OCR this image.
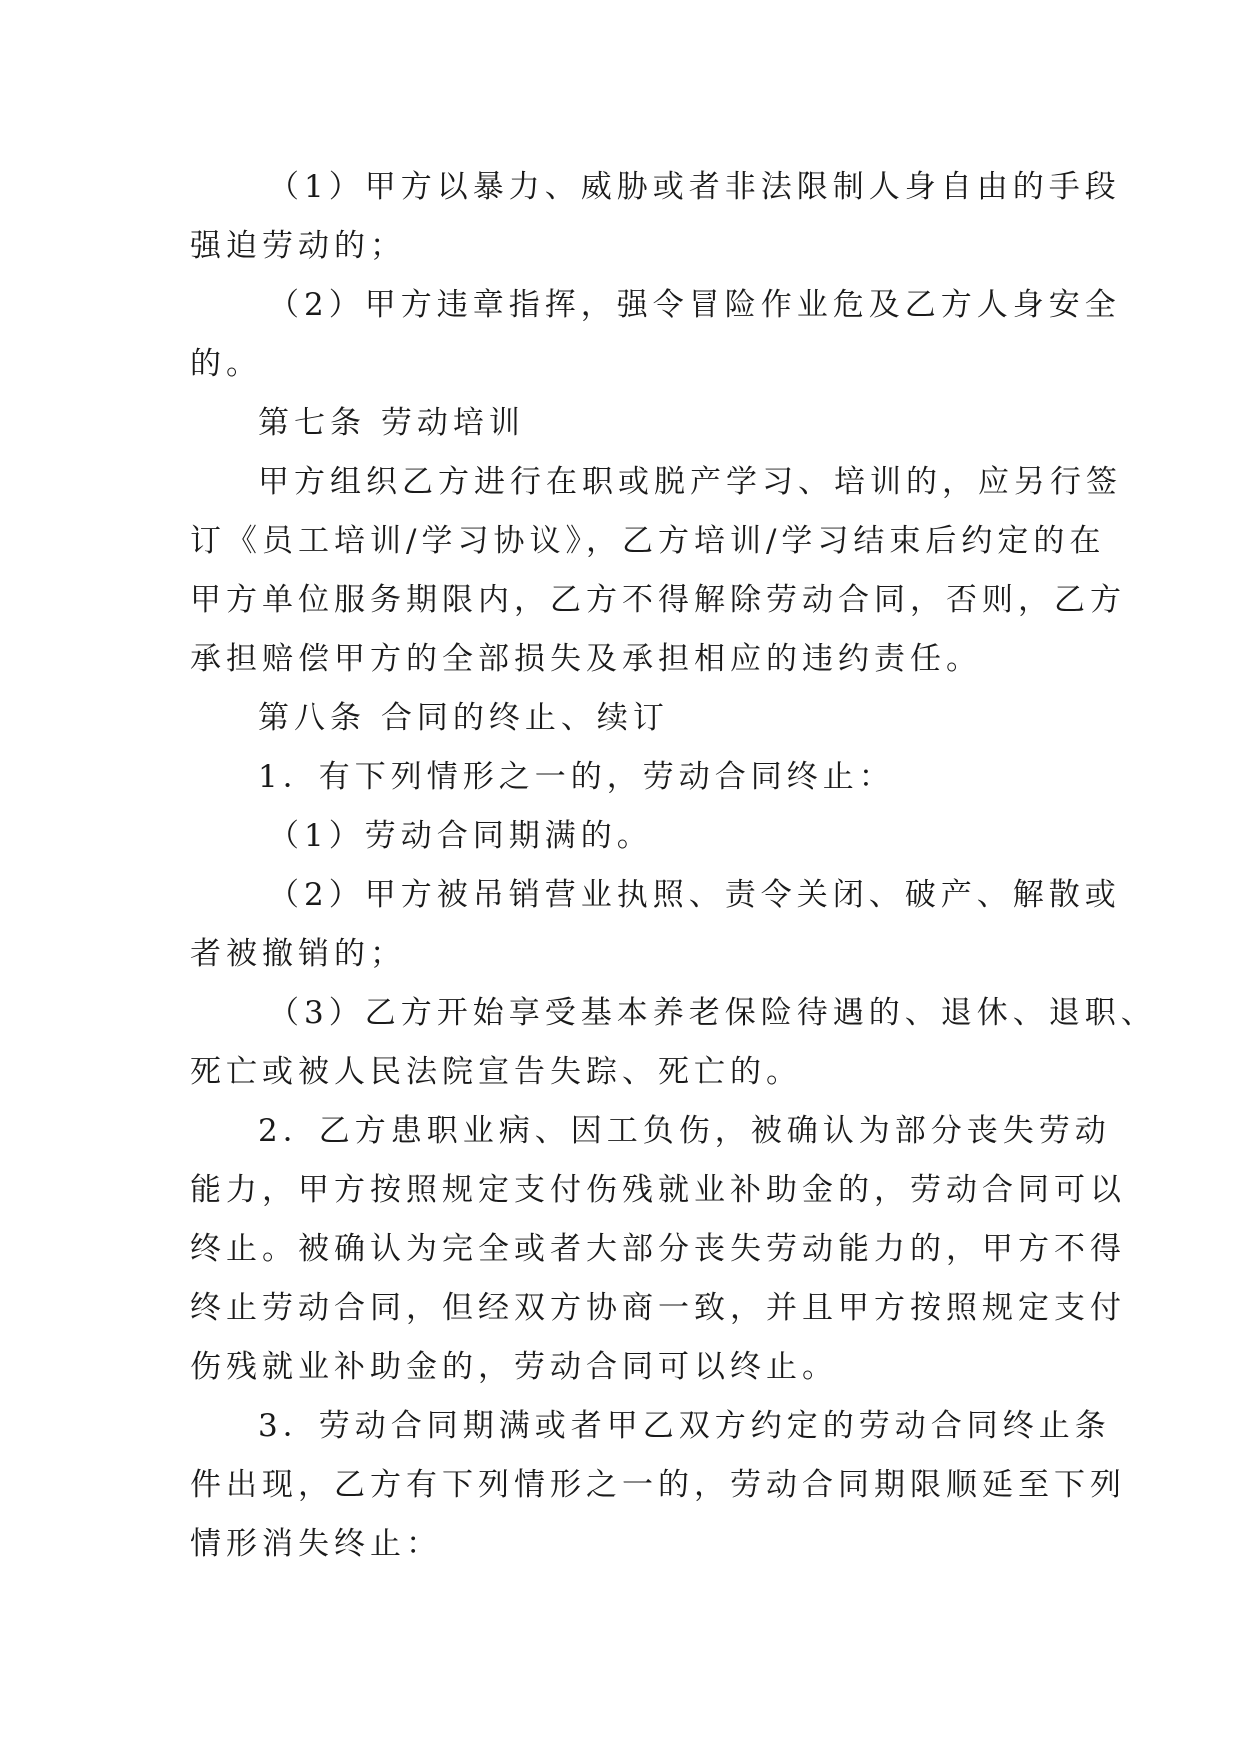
（1）甲方以暴力、威胁或者非法限制人身自由的手段
强迫劳动的；
（2）甲方违章指挥，强令冒险作业危及乙方人身安全
的。
第七条 劳动培训
甲方组织乙方进行在职或脱产学习、培训的，应另行签
订《员工培训/学习协议》，乙方培训/学习结束后约定的在
甲方单位服务期限内，乙方不得解除劳动合同，否则，乙方
承担赔偿甲方的全部损失及承担相应的违约责任。
第八条 合同的终止、续订
1．有下列情形之一的，劳动合同终止：
（1）劳动合同期满的。
（2）甲方被吊销营业执照、责令关闭、破产、解散或
者被撤销的；
（3）乙方开始享受基本养老保险待遇的、退休、退职、
死亡或被人民法院宣告失踪、死亡的。
2．乙方患职业病、因工负伤，被确认为部分丧失劳动
能力，甲方按照规定支付伤残就业补助金的，劳动合同可以
终止。被确认为完全或者大部分丧失劳动能力的，甲方不得
终止劳动合同，但经双方协商一致，并且甲方按照规定支付
伤残就业补助金的，劳动合同可以终止。
3．劳动合同期满或者甲乙双方约定的劳动合同终止条
件出现，乙方有下列情形之一的，劳动合同期限顺延至下列
情形消失终止：
